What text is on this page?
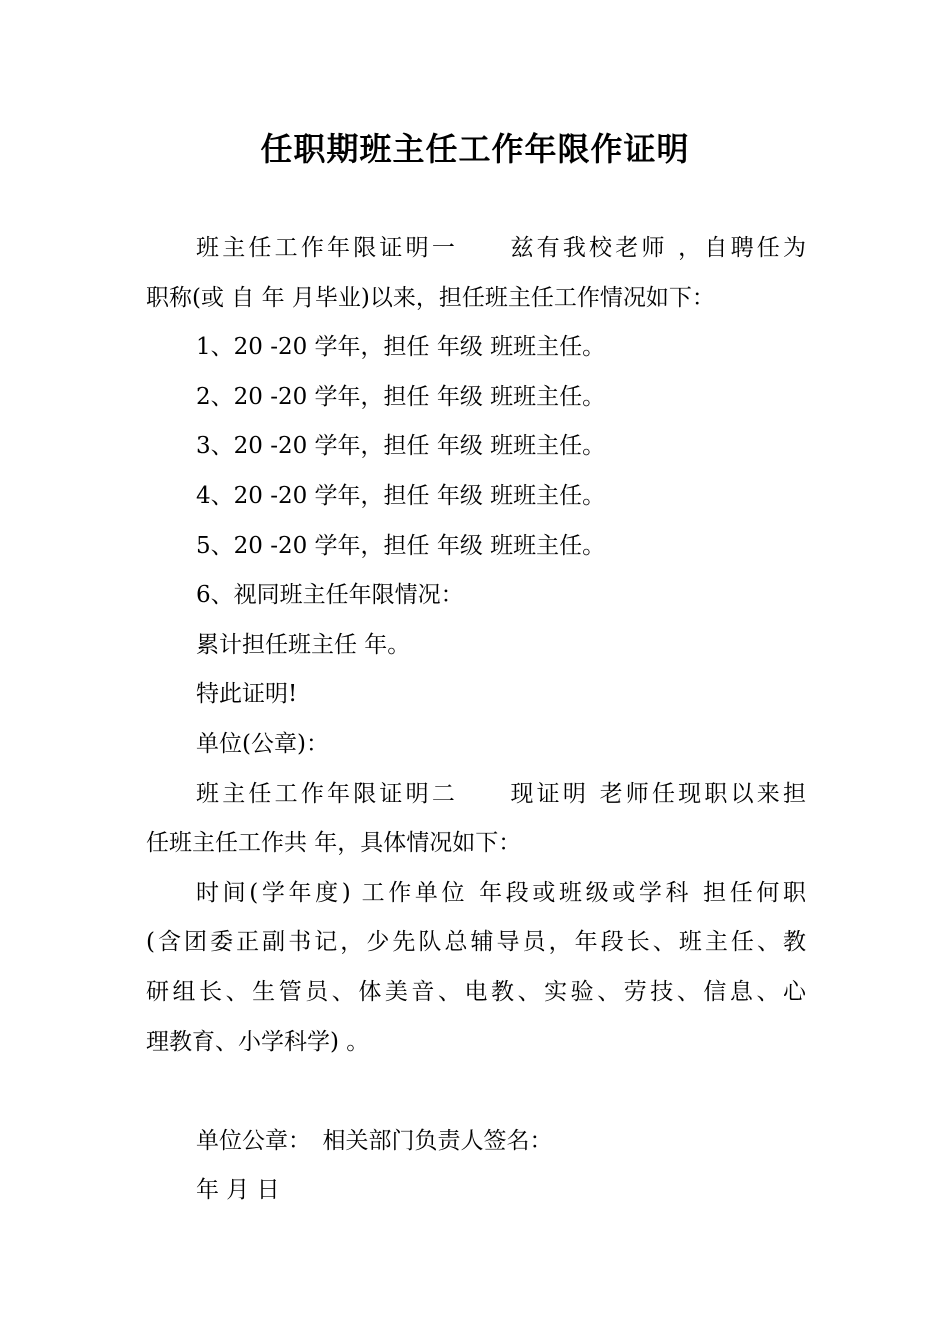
任职期班主任工作年限作证明
班主任工作年限证明一　　兹有我校老师 ，自聘任为
职称(或 自 年 月毕业)以来，担任班主任工作情况如下：
1、20 -20 学年，担任 年级 班班主任。
2、20 -20 学年，担任 年级 班班主任。
3、20 -20 学年，担任 年级 班班主任。
4、20 -20 学年，担任 年级 班班主任。
5、20 -20 学年，担任 年级 班班主任。
6、视同班主任年限情况：
累计担任班主任 年。
特此证明!
单位(公章)：
班主任工作年限证明二　　现证明 老师任现职以来担
任班主任工作共 年，具体情况如下：
时间(学年度) 工作单位 年段或班级或学科 担任何职
(含团委正副书记，少先队总辅导员，年段长、班主任、教
研组长、生管员、体美音、电教、实验、劳技、信息、心
理教育、小学科学) 。
单位公章：　相关部门负责人签名：
年 月 日
